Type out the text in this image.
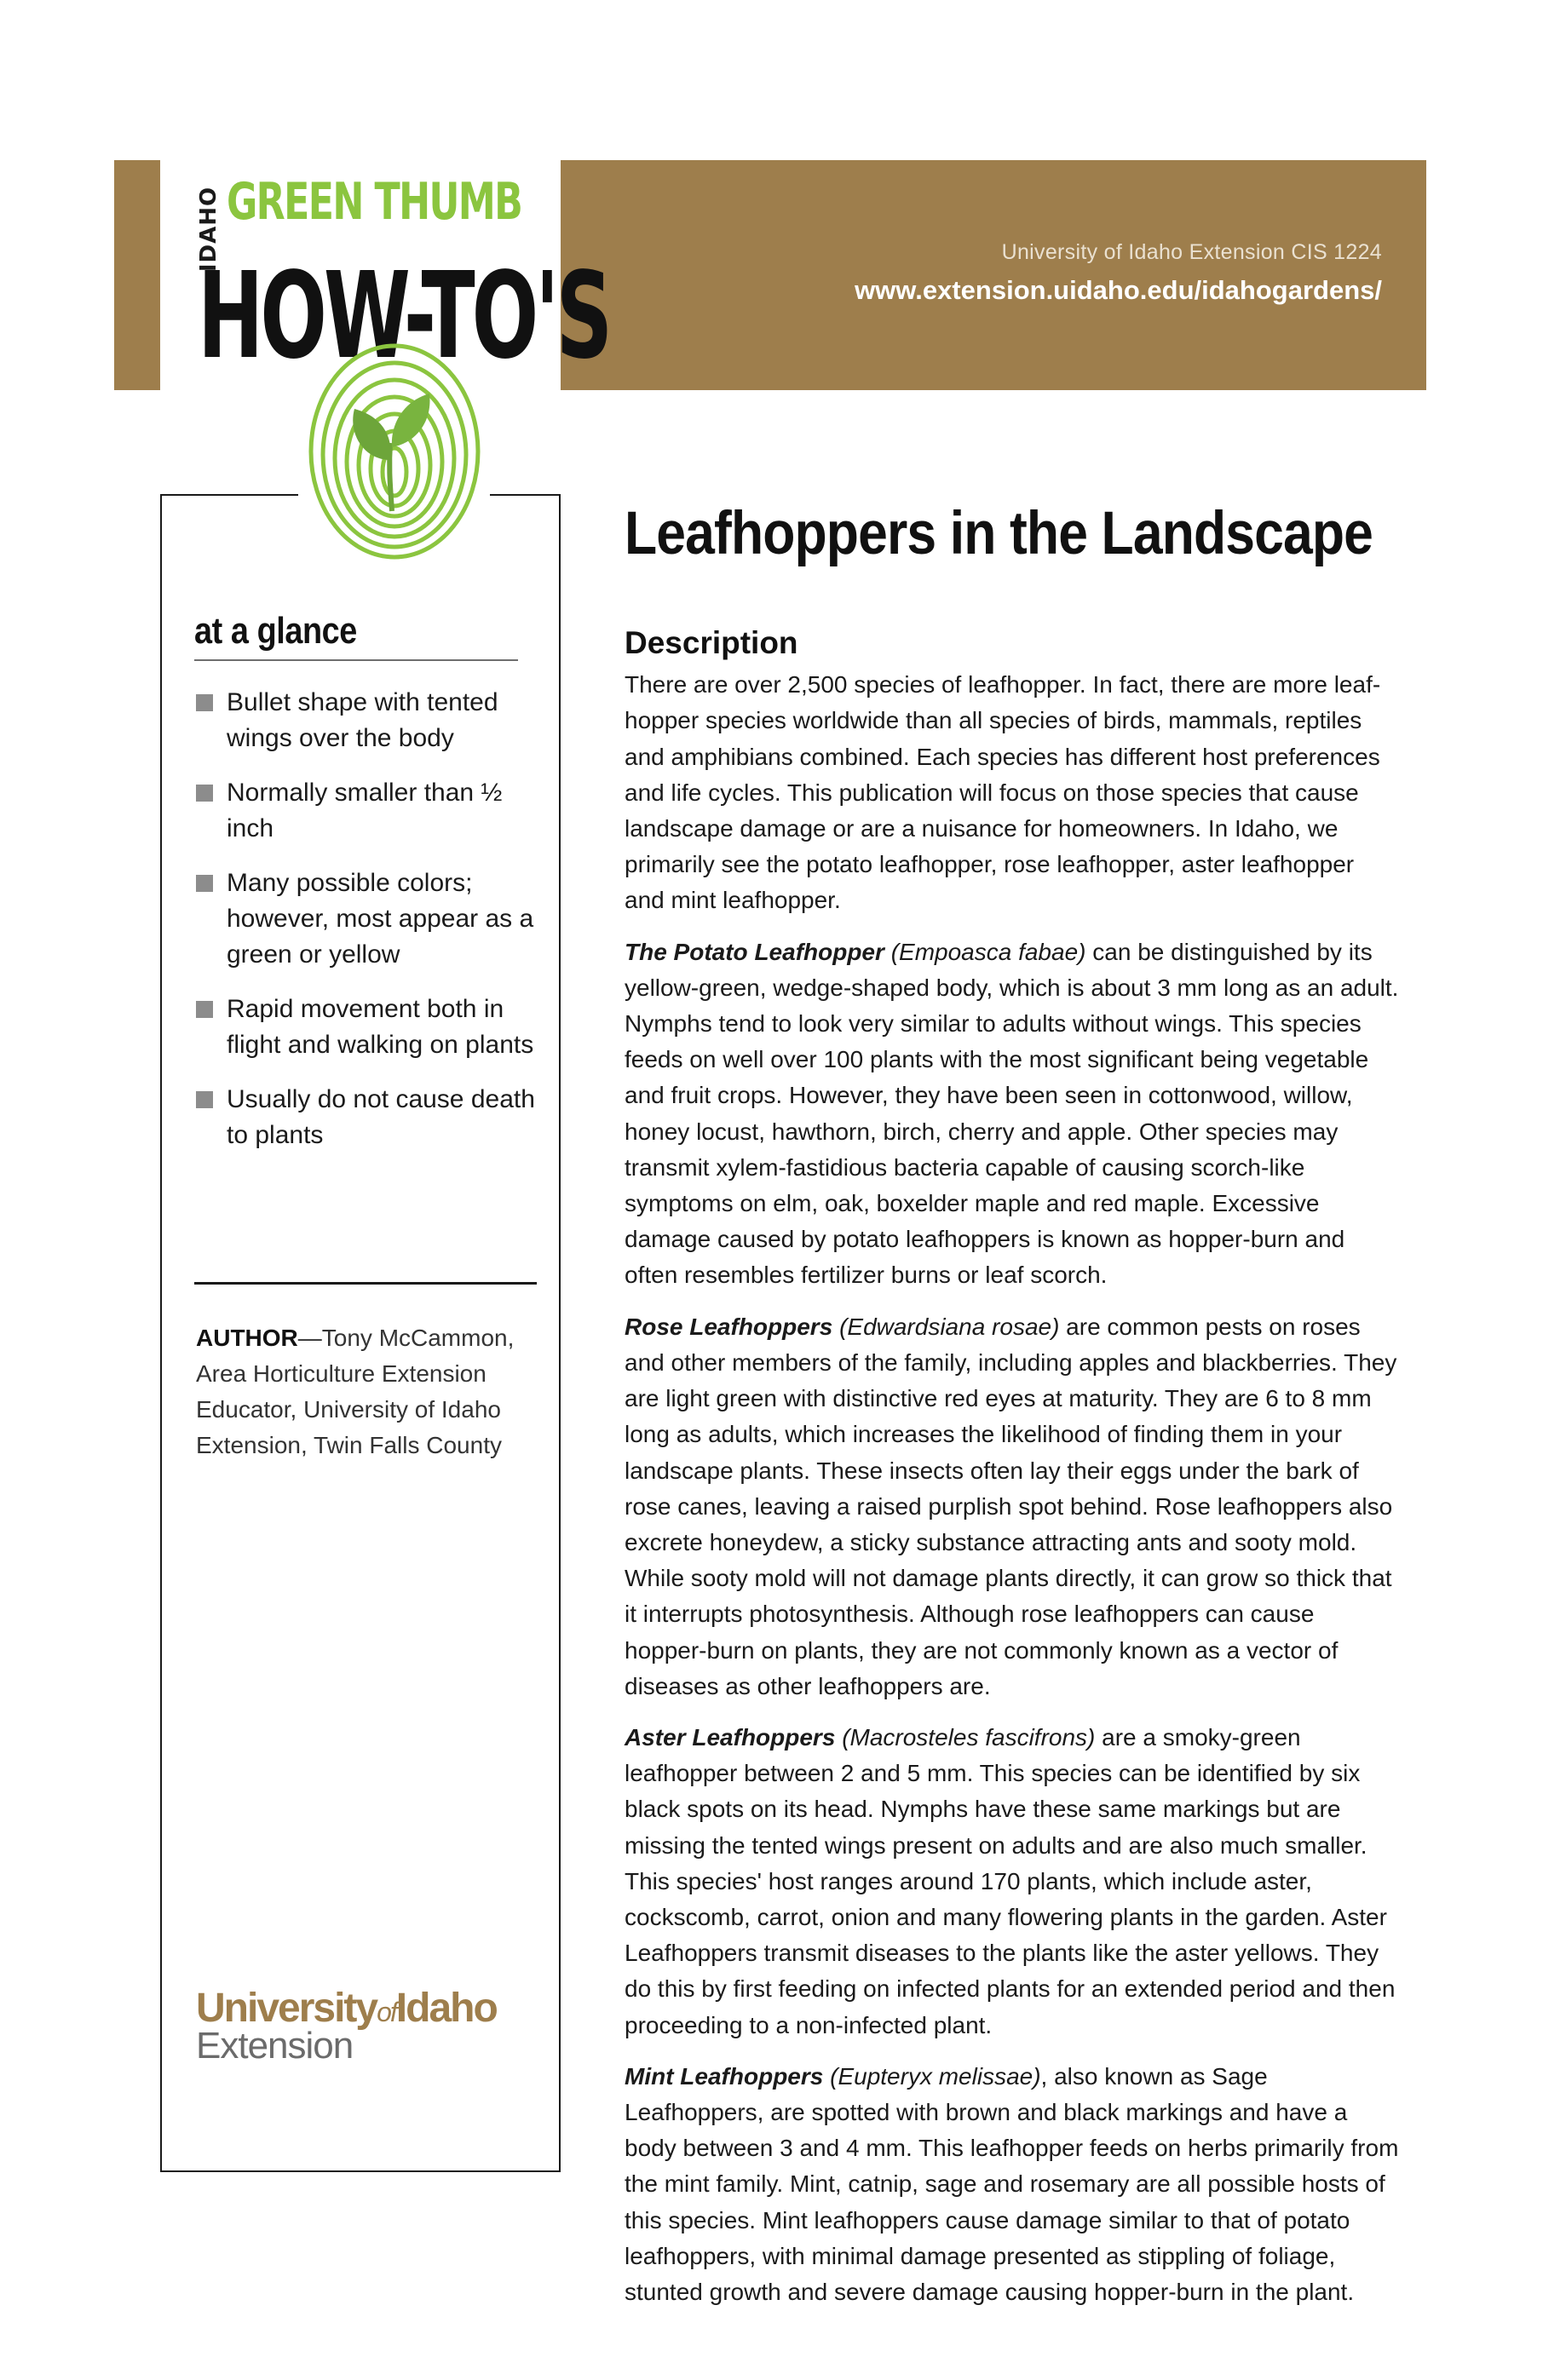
University of Idaho Extension CIS 1224
www.extension.uidaho.edu/idahogardens/
IDAHO GREEN THUMB
HOW-TO'S
at a glance
Bullet shape with tented wings over the body
Normally smaller than ½ inch
Many possible colors; however, most appear as a green or yellow
Rapid movement both in flight and walking on plants
Usually do not cause death to plants
AUTHOR—Tony McCammon, Area Horticulture Extension Educator, University of Idaho Extension, Twin Falls County
UniversityofIdaho
Extension
Leafhoppers in the Landscape
Description

There are over 2,500 species of leafhopper. In fact, there are more leafhopper species worldwide than all species of birds, mammals, reptiles and amphibians combined. Each species has different host preferences and life cycles. This publication will focus on those species that cause landscape damage or are a nuisance for homeowners. In Idaho, we primarily see the potato leafhopper, rose leafhopper, aster leafhopper and mint leafhopper.

The Potato Leafhopper (Empoasca fabae) can be distinguished by its yellow-green, wedge-shaped body, which is about 3 mm long as an adult. Nymphs tend to look very similar to adults without wings. This species feeds on well over 100 plants with the most significant being vegetable and fruit crops. However, they have been seen in cottonwood, willow, honey locust, hawthorn, birch, cherry and apple. Other species may transmit xylem-fastidious bacteria capable of causing scorch-like symptoms on elm, oak, boxelder maple and red maple. Excessive damage caused by potato leafhoppers is known as hopper-burn and often resembles fertilizer burns or leaf scorch.

Rose Leafhoppers (Edwardsiana rosae) are common pests on roses and other members of the family, including apples and blackberries. They are light green with distinctive red eyes at maturity. They are 6 to 8 mm long as adults, which increases the likelihood of finding them in your landscape plants. These insects often lay their eggs under the bark of rose canes, leaving a raised purplish spot behind. Rose leafhoppers also excrete honeydew, a sticky substance attracting ants and sooty mold. While sooty mold will not damage plants directly, it can grow so thick that it interrupts photosynthesis. Although rose leafhoppers can cause hopper-burn on plants, they are not commonly known as a vector of diseases as other leafhoppers are.

Aster Leafhoppers (Macrosteles fascifrons) are a smoky-green leafhopper between 2 and 5 mm. This species can be identified by six black spots on its head. Nymphs have these same markings but are missing the tented wings present on adults and are also much smaller. This species' host ranges around 170 plants, which include aster, cockscomb, carrot, onion and many flowering plants in the garden. Aster Leafhoppers transmit diseases to the plants like the aster yellows. They do this by first feeding on infected plants for an extended period and then proceeding to a non-infected plant.

Mint Leafhoppers (Eupteryx melissae), also known as Sage Leafhoppers, are spotted with brown and black markings and have a body between 3 and 4 mm. This leafhopper feeds on herbs primarily from the mint family. Mint, catnip, sage and rosemary are all possible hosts of this species. Mint leafhoppers cause damage similar to that of potato leafhoppers, with minimal damage presented as stippling of foliage, stunted growth and severe damage causing hopper-burn in the plant.
